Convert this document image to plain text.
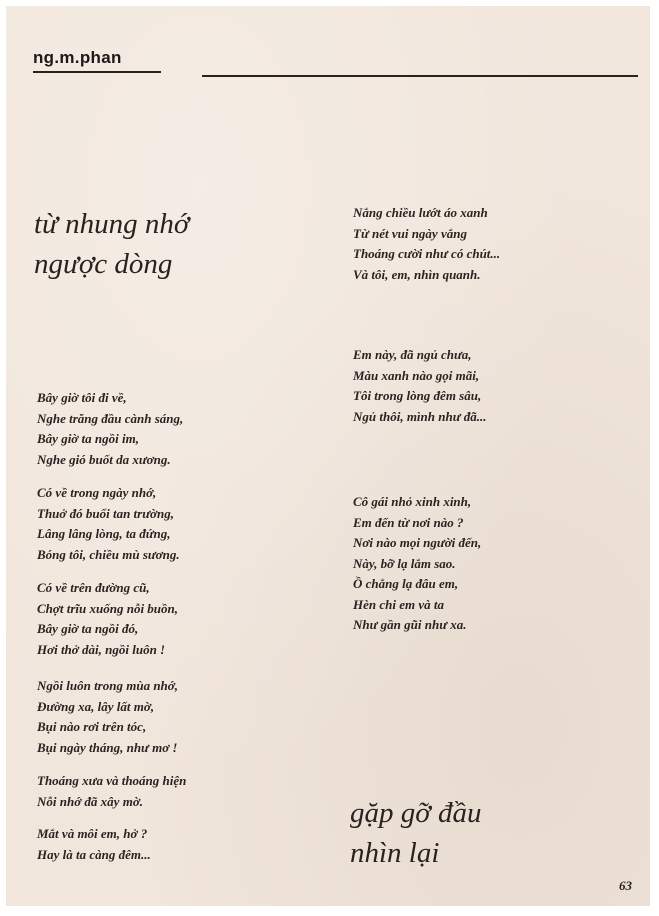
ng.m.phan
từ nhung nhớ
ngược dòng
Bây giờ tôi đi về,
Nghe trăng đầu cành sáng,
Bây giờ ta ngồi im,
Nghe gió buốt da xương.
Có về trong ngày nhớ,
Thuở đó buổi tan trường,
Lâng lâng lòng, ta đứng,
Bóng tôi, chiều mù sương.
Có về trên đường cũ,
Chợt trĩu xuống nỗi buồn,
Bây giờ ta ngồi đó,
Hơi thở dài, ngồi luôn !
Ngồi luôn trong mùa nhớ,
Đường xa, lây lất mờ,
Bụi nào rơi trên tóc,
Bụi ngày tháng, như mơ !
Thoáng xưa và thoáng hiện
Nỗi nhớ đã xây mờ.
Mắt và môi em, hở ?
Hay là ta càng đêm...
Nắng chiều lướt áo xanh
Từ nét vui ngày vắng
Thoáng cười như có chút...
Và tôi, em, nhìn quanh.
Em này, đã ngủ chưa,
Màu xanh nào gọi mãi,
Tôi trong lòng đêm sâu,
Ngủ thôi, mình như đã...
Cô gái nhỏ xinh xinh,
Em đến từ nơi nào ?
Nơi nào mọi người đến,
Này, bỡ lạ lắm sao.
Ồ chẳng lạ đâu em,
Hèn chi em và ta
Như gần gũi như xa.
gặp gỡ đầu
nhìn lại
63
